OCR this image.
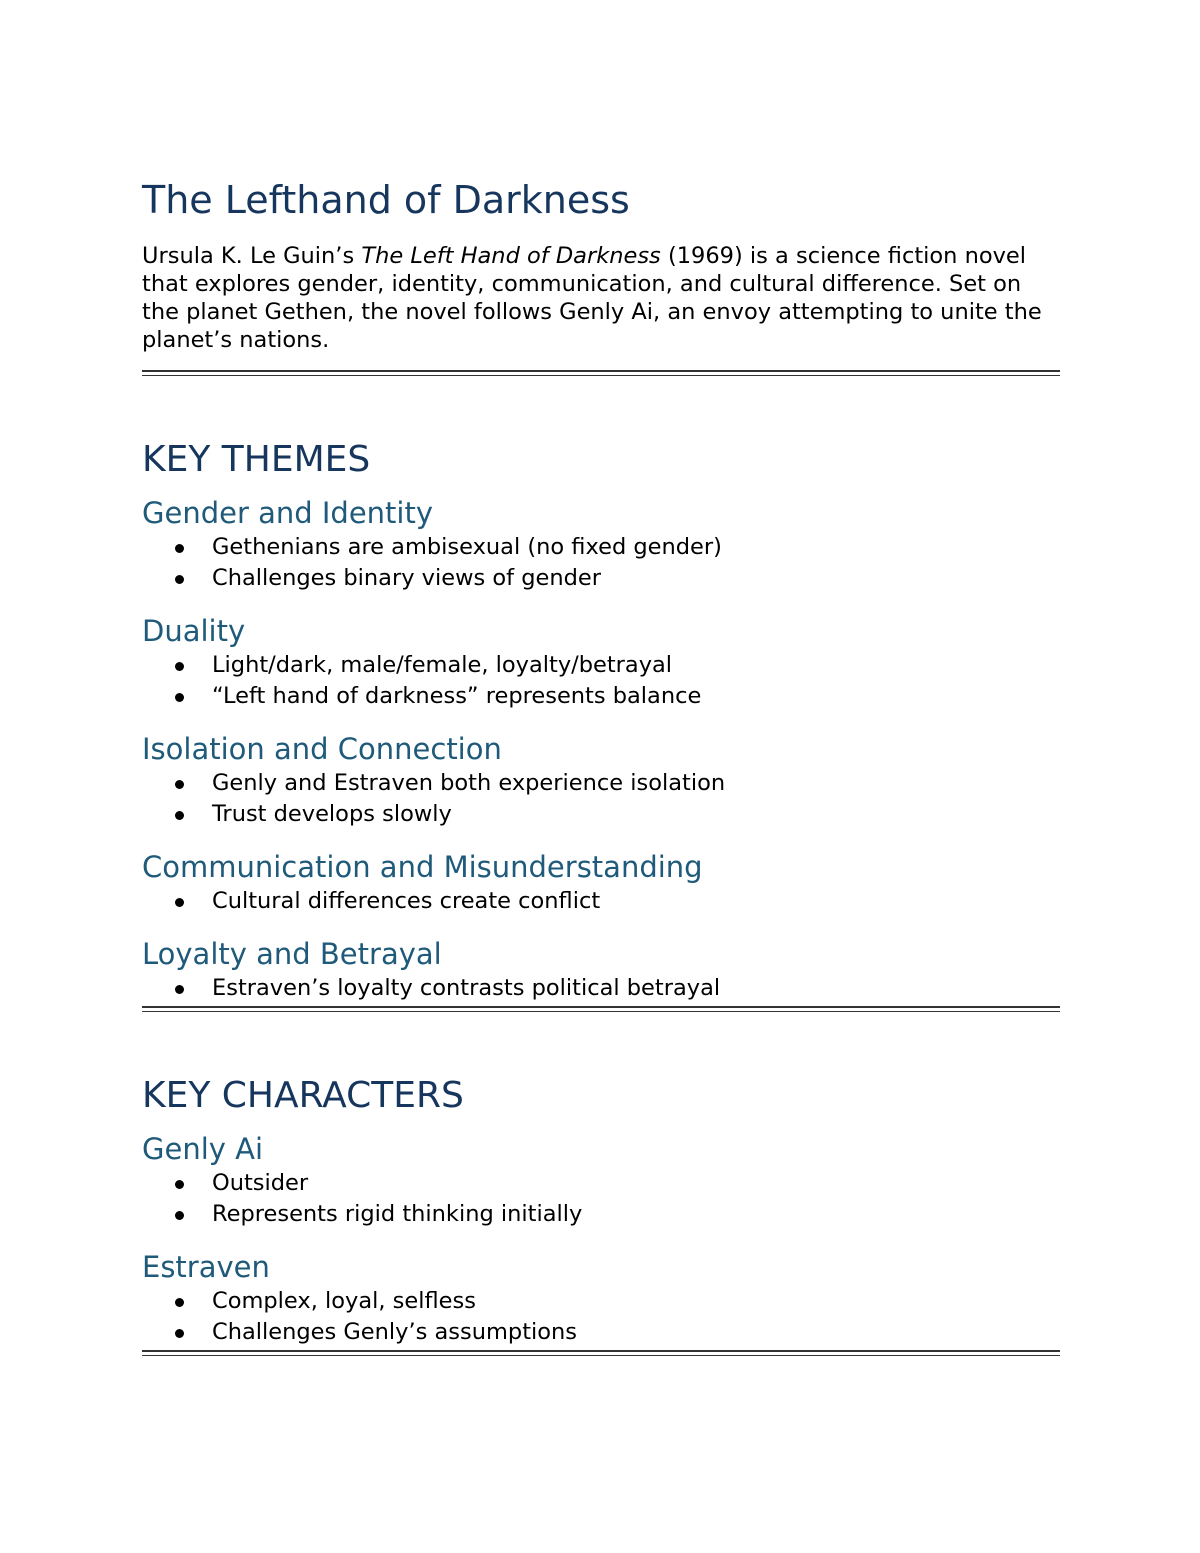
The Lefthand of Darkness

Ursula K. Le Guin’s The Left Hand of Darkness (1969) is a science fiction novel that explores gender, identity, communication, and cultural difference. Set on the planet Gethen, the novel follows Genly Ai, an envoy attempting to unite the planet’s nations.

KEY THEMES
Gender and Identity
Gethenians are ambisexual (no fixed gender)
Challenges binary views of gender
Duality
Light/dark, male/female, loyalty/betrayal
“Left hand of darkness” represents balance
Isolation and Connection
Genly and Estraven both experience isolation
Trust develops slowly
Communication and Misunderstanding
Cultural differences create conflict
Loyalty and Betrayal
Estraven’s loyalty contrasts political betrayal
KEY CHARACTERS
Genly Ai
Outsider
Represents rigid thinking initially
Estraven
Complex, loyal, selfless
Challenges Genly’s assumptions
